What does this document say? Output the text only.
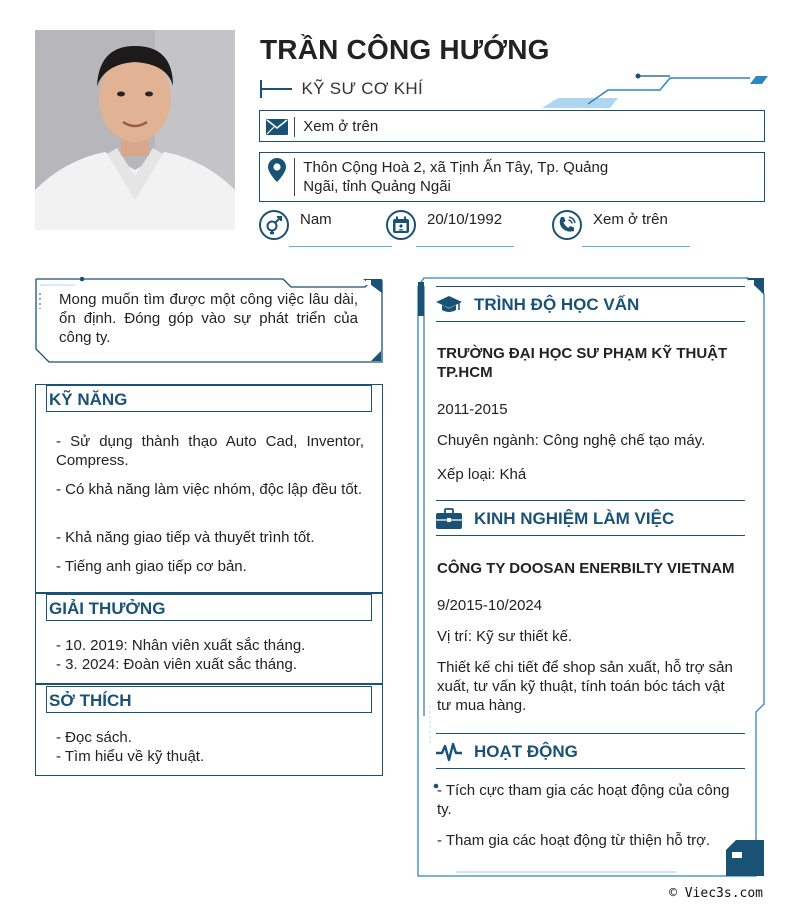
TRẦN CÔNG HƯỚNG
KỸ SƯ CƠ KHÍ
Xem ở trên
Thôn Cộng Hoà 2, xã Tịnh Ấn Tây, Tp. Quảng Ngãi, tỉnh Quảng Ngãi
Nam	20/10/1992	Xem ở trên
Mong muốn tìm được một công việc lâu dài, ổn định. Đóng góp vào sự phát triển của công ty.
KỸ NĂNG
- Sử dụng thành thạo Auto Cad, Inventor, Compress.
- Có khả năng làm việc nhóm, độc lập đều tốt.
- Khả năng giao tiếp và thuyết trình tốt.
- Tiếng anh giao tiếp cơ bản.
GIẢI THƯỞNG
- 10. 2019: Nhân viên xuất sắc tháng.
- 3. 2024: Đoàn viên xuất sắc tháng.
SỞ THÍCH
- Đọc sách.
- Tìm hiểu về kỹ thuật.
TRÌNH ĐỘ HỌC VẤN
TRƯỜNG ĐẠI HỌC SƯ PHẠM KỸ THUẬT TP.HCM
2011-2015
Chuyên ngành: Công nghệ chế tạo máy.
Xếp loại: Khá
KINH NGHIỆM LÀM VIỆC
CÔNG TY DOOSAN ENERBILTY VIETNAM
9/2015-10/2024
Vị trí: Kỹ sư thiết kế.
Thiết kế chi tiết để shop sản xuất, hỗ trợ sản xuất, tư vấn kỹ thuật, tính toán bóc tách vật tư mua hàng.
HOẠT ĐỘNG
- Tích cực tham gia các hoạt động của công ty.
- Tham gia các hoạt động từ thiện hỗ trợ.
© Viec3s.com
